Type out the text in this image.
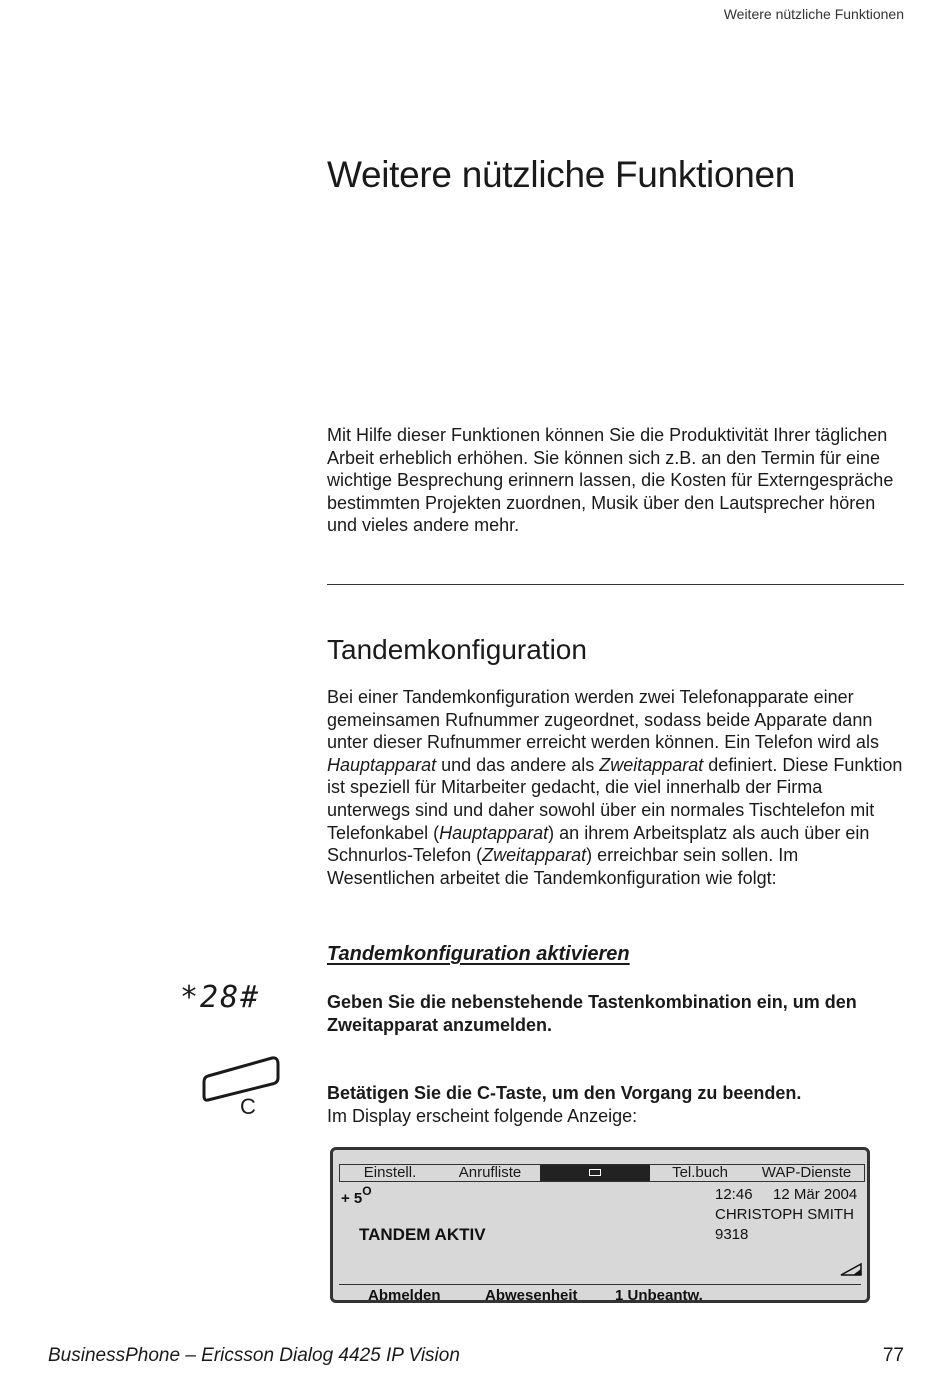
Weitere nützliche Funktionen
Weitere nützliche Funktionen

Mit Hilfe dieser Funktionen können Sie die Produktivität Ihrer täglichen Arbeit erheblich erhöhen. Sie können sich z.B. an den Termin für eine wichtige Besprechung erinnern lassen, die Kosten für Externgespräche bestimmten Projekten zuordnen, Musik über den Lautsprecher hören und vieles andere mehr.

Tandemkonfiguration

Bei einer Tandemkonfiguration werden zwei Telefonapparate einer gemeinsamen Rufnummer zugeordnet, sodass beide Apparate dann unter dieser Rufnummer erreicht werden können. Ein Telefon wird als Hauptapparat und das andere als Zweitapparat definiert. Diese Funktion ist speziell für Mitarbeiter gedacht, die viel innerhalb der Firma unterwegs sind und daher sowohl über ein normales Tischtelefon mit Telefonkabel (Hauptapparat) an ihrem Arbeitsplatz als auch über ein Schnurlos-Telefon (Zweitapparat) erreichbar sein sollen. Im Wesentlichen arbeitet die Tandemkonfiguration wie folgt:

Tandemkonfiguration aktivieren
*28#	Geben Sie die nebenstehende Tastenkombination ein, um den Zweitapparat anzumelden.
C
Betätigen Sie die C-Taste, um den Vorgang zu beenden.
Im Display erscheint folgende Anzeige:
Einstell.	Anrufliste	Tel.buch	WAP-Dienste
+ $5^O$	12:46 12 Mär 2004
CHRISTOPH SMITH
TANDEM AKTIV	9318
Abmelden	Abwesenheit 1 Unbeantw.
BusinessPhone – Ericsson Dialog 4425 IP Vision	77
